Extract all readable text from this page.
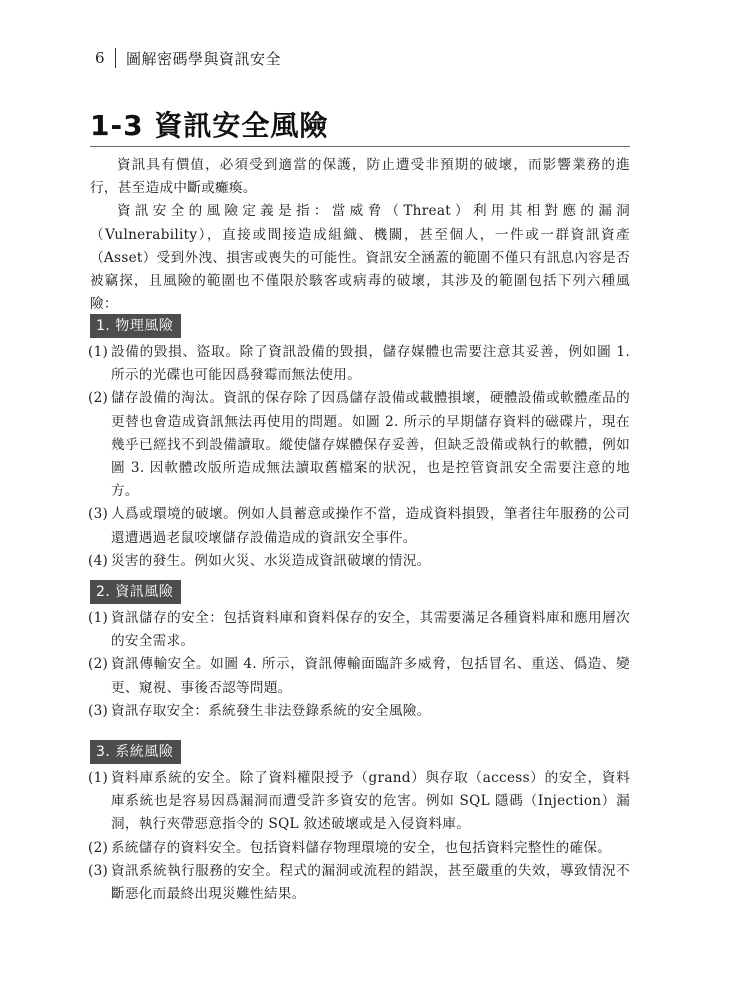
6 圖解密碼學與資訊安全
1-3 資訊安全風險

資訊具有價值，必須受到適當的保護，防止遭受非預期的破壞，而影響業務的進行，甚至造成中斷或癱瘓。

資訊安全的風險定義是指：當威脅（Threat）利用其相對應的漏洞（Vulnerability），直接或間接造成組織、機關，甚至個人，一件或一群資訊資產（Asset）受到外洩、損害或喪失的可能性。資訊安全涵蓋的範圍不僅只有訊息內容是否被竊探，且風險的範圍也不僅限於駭客或病毒的破壞，其涉及的範圍包括下列六種風險：

1. 物理風險
(1) 設備的毀損、盜取。除了資訊設備的毀損，儲存媒體也需要注意其妥善，例如圖 1. 所示的光碟也可能因爲發霉而無法使用。
(2) 儲存設備的淘汰。資訊的保存除了因爲儲存設備或載體損壞，硬體設備或軟體產品的更替也會造成資訊無法再使用的問題。如圖 2. 所示的早期儲存資料的磁碟片，現在幾乎已經找不到設備讀取。縱使儲存媒體保存妥善，但缺乏設備或執行的軟體，例如圖 3. 因軟體改版所造成無法讀取舊檔案的狀況，也是控管資訊安全需要注意的地方。
(3) 人爲或環境的破壞。例如人員蓄意或操作不當，造成資料損毀，筆者往年服務的公司還遭遇過老鼠咬壞儲存設備造成的資訊安全事件。
(4) 災害的發生。例如火災、水災造成資訊破壞的情況。
2. 資訊風險
(1) 資訊儲存的安全：包括資料庫和資料保存的安全，其需要滿足各種資料庫和應用層次的安全需求。
(2) 資訊傳輸安全。如圖 4. 所示，資訊傳輸面臨許多威脅，包括冒名、重送、僞造、變更、窺視、事後否認等問題。
(3) 資訊存取安全：系統發生非法登錄系統的安全風險。
3. 系統風險
(1) 資料庫系統的安全。除了資料權限授予（grand）與存取（access）的安全，資料庫系統也是容易因爲漏洞而遭受許多資安的危害。例如 SQL 隱碼（Injection）漏洞，執行夾帶惡意指令的 SQL 敘述破壞或是入侵資料庫。
(2) 系統儲存的資料安全。包括資料儲存物理環境的安全，也包括資料完整性的確保。
(3) 資訊系統執行服務的安全。程式的漏洞或流程的錯誤，甚至嚴重的失效，導致情況不斷惡化而最終出現災難性結果。
